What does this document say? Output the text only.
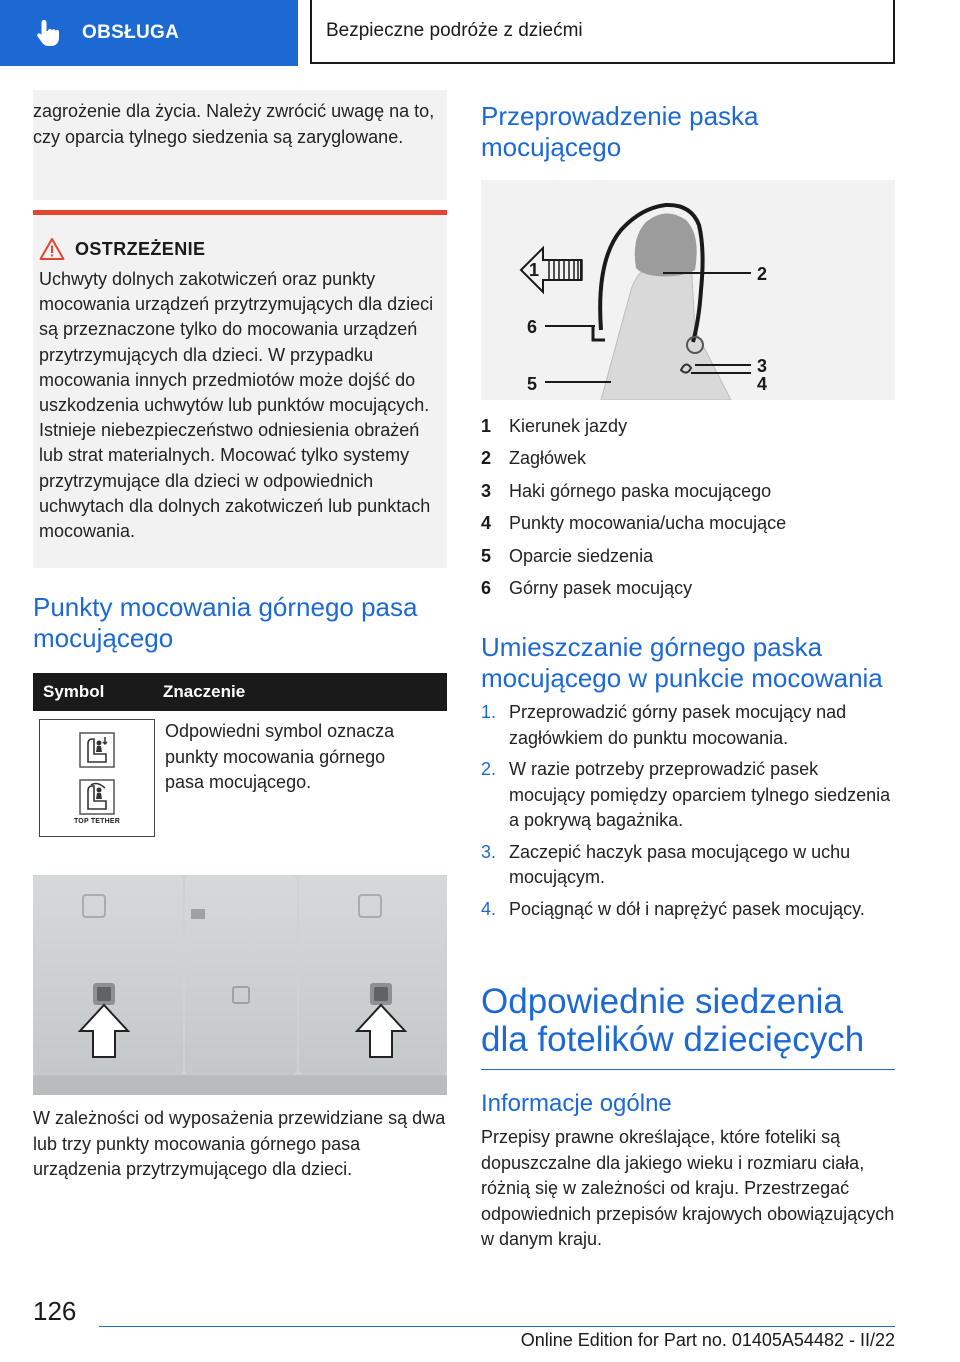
OBSŁUGA	Bezpieczne podróże z dziećmi

zagrożenie dla życia. Należy zwrócić uwagę na to, czy oparcia tylnego siedzenia są zaryglowane.

OSTRZEŻENIE

Uchwyty dolnych zakotwiczeń oraz punkty mocowania urządzeń przytrzymujących dla dzieci są przeznaczone tylko do mocowania urządzeń przytrzymujących dla dzieci. W przypadku mocowania innych przedmiotów może dojść do uszkodzenia uchwytów lub punktów mocujących. Istnieje niebezpieczeństwo odniesienia obrażeń lub strat materialnych. Mocować tylko systemy przytrzymujące dla dzieci w odpowiednich uchwytach dla dolnych zakotwiczeń lub punktach mocowania.

Punkty mocowania górnego pasa mocującego
Symbol	Znaczenie
TOP TETHER

Odpowiedni symbol oznacza punkty mocowania górnego pasa mocującego.

W zależności od wyposażenia przewidziane są dwa lub trzy punkty mocowania górnego pasa urządzenia przytrzymującego dla dzieci.

Przeprowadzenie paska mocującego
1	2
3
4
5
6
1 Kierunek jazdy
2 Zagłówek
3 Haki górnego paska mocującego
4 Punkty mocowania/ucha mocujące
5 Oparcie siedzenia
6 Górny pasek mocujący
Umieszczanie górnego paska mocującego w punkcie mocowania
1. Przeprowadzić górny pasek mocujący nad zagłówkiem do punktu mocowania.
2. W razie potrzeby przeprowadzić pasek mocujący pomiędzy oparciem tylnego siedzenia a pokrywą bagażnika.
3. Zaczepić haczyk pasa mocującego w uchu mocującym.
4. Pociągnąć w dół i naprężyć pasek mocujący.
Odpowiednie siedzenia dla fotelików dziecięcych
Informacje ogólne

Przepisy prawne określające, które foteliki są dopuszczalne dla jakiego wieku i rozmiaru ciała, różnią się w zależności od kraju. Przestrzegać odpowiednich przepisów krajowych obowiązujących w danym kraju.

126
Online Edition for Part no. 01405A54482 - II/22
